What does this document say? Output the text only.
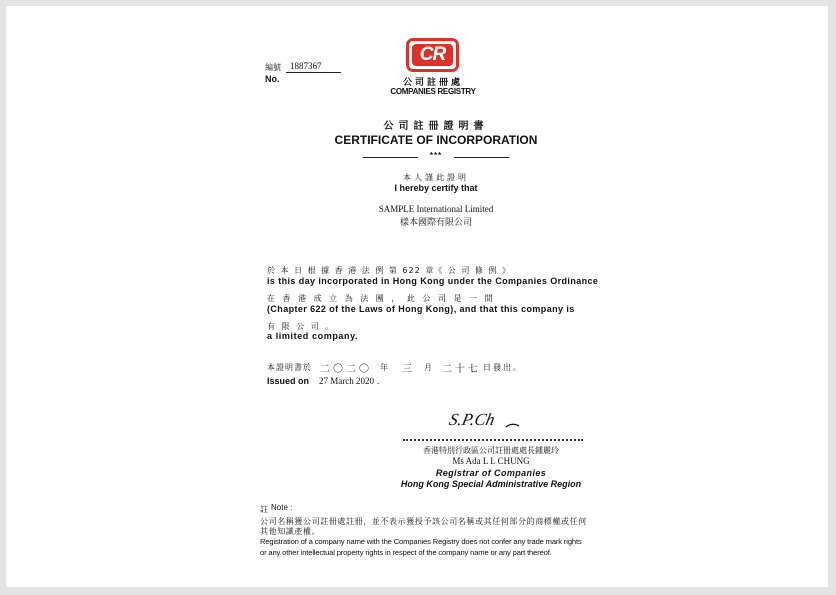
編號 1887367
No.
CR
公司註冊處
COMPANIES REGISTRY
公司註冊證明書
CERTIFICATE OF INCORPORATION
***
本人謹此證明
I hereby certify that
SAMPLE International Limited
樣本國際有限公司
於 本 日 根 據 香 港 法 例 第 622 章《 公 司 條 例 》
is this day incorporated in Hong Kong under the Companies Ordinance
在 香 港 成 立 為 法 團 ， 此 公 司 是 一 間
(Chapter 622 of the Laws of Hong Kong), and that this company is
有 限 公 司 。
a limited company.
本證明書於 二〇二〇 年 三 月 二十七 日發出。
Issued on 27 March 2020 .
S.P.Ch
香港特別行政區公司註冊處處長鍾麗玲
Ms Ada L L CHUNG
Registrar of Companies
Hong Kong Special Administrative Region
註 Note :
公司名稱獲公司註冊處註冊，並不表示獲授予該公司名稱或其任何部分的商標權或任何
其他知識產權。
Registration of a company name with the Companies Registry does not confer any trade mark rights
or any other intellectual property rights in respect of the company name or any part thereof.
